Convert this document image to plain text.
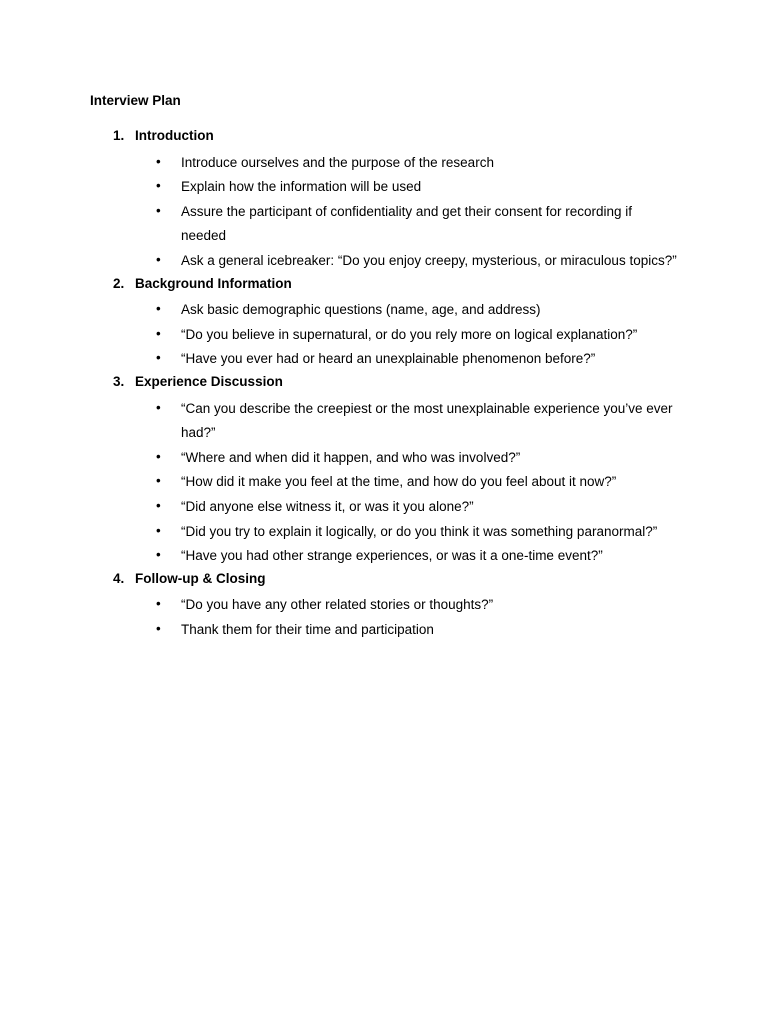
Interview Plan
1. Introduction
• Introduce ourselves and the purpose of the research
• Explain how the information will be used
• Assure the participant of confidentiality and get their consent for recording if needed
• Ask a general icebreaker: “Do you enjoy creepy, mysterious, or miraculous topics?”
2. Background Information
• Ask basic demographic questions (name, age, and address)
• “Do you believe in supernatural, or do you rely more on logical explanation?”
• “Have you ever had or heard an unexplainable phenomenon before?”
3. Experience Discussion
• “Can you describe the creepiest or the most unexplainable experience you’ve ever had?”
• “Where and when did it happen, and who was involved?”
• “How did it make you feel at the time, and how do you feel about it now?”
• “Did anyone else witness it, or was it you alone?”
• “Did you try to explain it logically, or do you think it was something paranormal?”
• “Have you had other strange experiences, or was it a one-time event?”
4. Follow-up & Closing
• “Do you have any other related stories or thoughts?”
• Thank them for their time and participation
